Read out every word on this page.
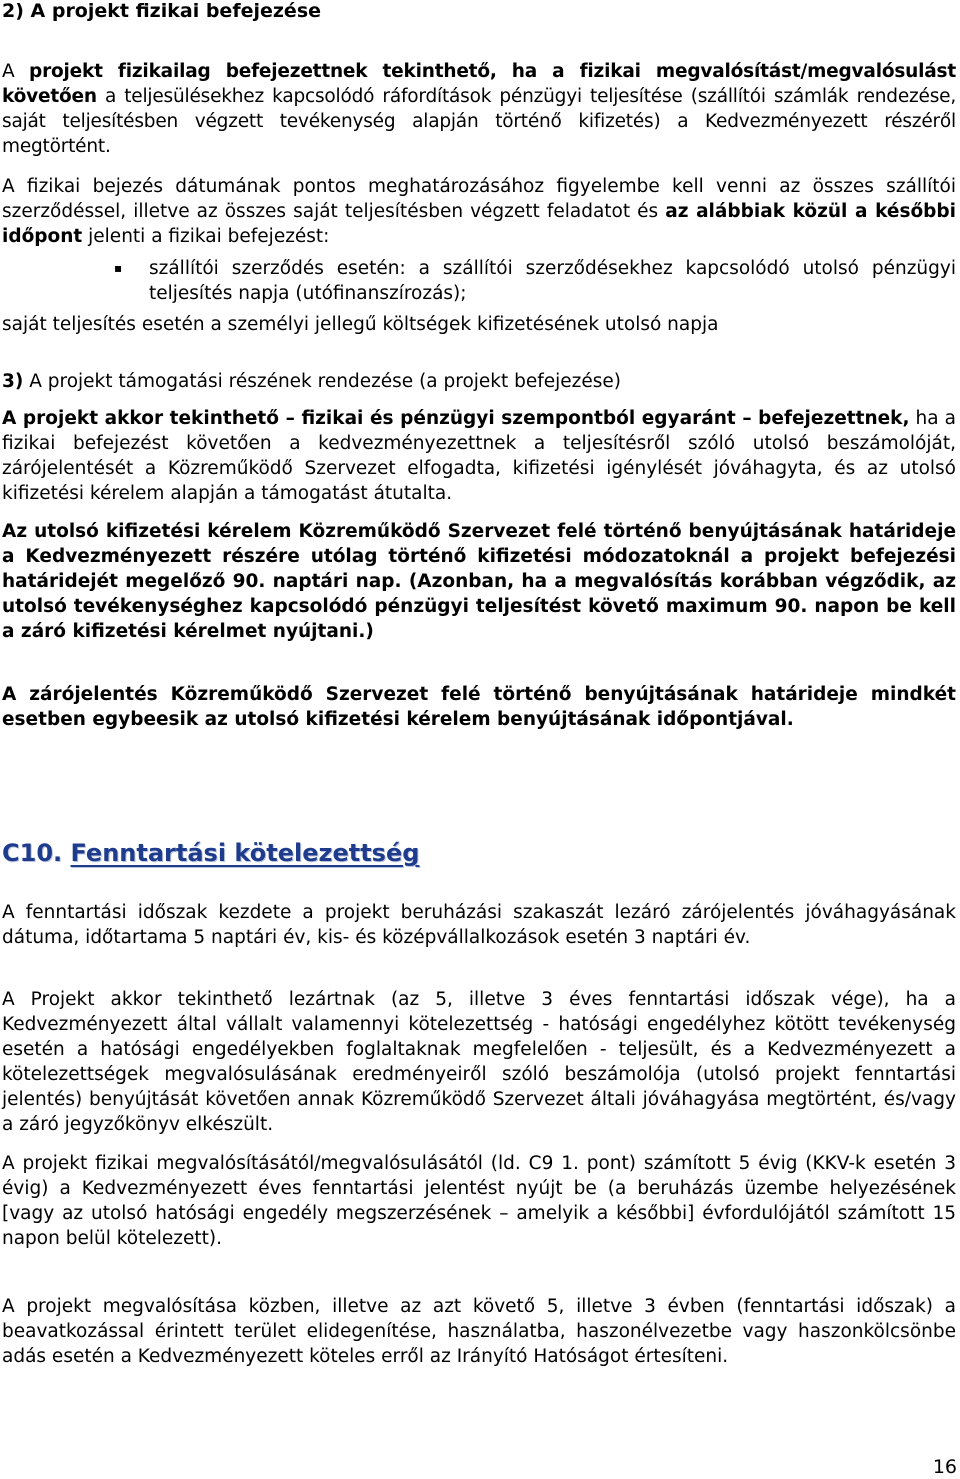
2) A projekt fizikai befejezése

A projekt fizikailag befejezettnek tekinthető, ha a fizikai megvalósítást/megvalósulást követően a teljesülésekhez kapcsolódó ráfordítások pénzügyi teljesítése (szállítói számlák rendezése, saját teljesítésben végzett tevékenység alapján történő kifizetés) a Kedvezményezett részéről megtörtént.

A fizikai bejezés dátumának pontos meghatározásához figyelembe kell venni az összes szállítói szerződéssel, illetve az összes saját teljesítésben végzett feladatot és az alábbiak közül a későbbi időpont jelenti a fizikai befejezést:

▪ szállítói szerződés esetén: a szállítói szerződésekhez kapcsolódó utolsó pénzügyi teljesítés napja (utófinanszírozás);

saját teljesítés esetén a személyi jellegű költségek kifizetésének utolsó napja

3) A projekt támogatási részének rendezése (a projekt befejezése)

A projekt akkor tekinthető – fizikai és pénzügyi szempontból egyaránt – befejezettnek, ha a fizikai befejezést követően a kedvezményezettnek a teljesítésről szóló utolsó beszámolóját, zárójelentését a Közreműködő Szervezet elfogadta, kifizetési igénylését jóváhagyta, és az utolsó kifizetési kérelem alapján a támogatást átutalta.

Az utolsó kifizetési kérelem Közreműködő Szervezet felé történő benyújtásának határideje a Kedvezményezett részére utólag történő kifizetési módozatoknál a projekt befejezési határidejét megelőző 90. naptári nap. (Azonban, ha a megvalósítás korábban végződik, az utolsó tevékenységhez kapcsolódó pénzügyi teljesítést követő maximum 90. napon be kell a záró kifizetési kérelmet nyújtani.)

A zárójelentés Közreműködő Szervezet felé történő benyújtásának határideje mindkét esetben egybeesik az utolsó kifizetési kérelem benyújtásának időpontjával.

C10. Fenntartási kötelezettség

A fenntartási időszak kezdete a projekt beruházási szakaszát lezáró zárójelentés jóváhagyásának dátuma, időtartama 5 naptári év, kis- és középvállalkozások esetén 3 naptári év.

A Projekt akkor tekinthető lezártnak (az 5, illetve 3 éves fenntartási időszak vége), ha a Kedvezményezett által vállalt valamennyi kötelezettség - hatósági engedélyhez kötött tevékenység esetén a hatósági engedélyekben foglaltaknak megfelelően - teljesült, és a Kedvezményezett a kötelezettségek megvalósulásának eredményeiről szóló beszámolója (utolsó projekt fenntartási jelentés) benyújtását követően annak Közreműködő Szervezet általi jóváhagyása megtörtént, és/vagy a záró jegyzőkönyv elkészült.

A projekt fizikai megvalósításától/megvalósulásától (ld. C9 1. pont) számított 5 évig (KKV-k esetén 3 évig) a Kedvezményezett éves fenntartási jelentést nyújt be (a beruházás üzembe helyezésének [vagy az utolsó hatósági engedély megszerzésének – amelyik a későbbi] évfordulójától számított 15 napon belül kötelezett).

A projekt megvalósítása közben, illetve az azt követő 5, illetve 3 évben (fenntartási időszak) a beavatkozással érintett terület elidegenítése, használatba, haszonélvezetbe vagy haszonkölcsönbe adás esetén a Kedvezményezett köteles erről az Irányító Hatóságot értesíteni.

16
